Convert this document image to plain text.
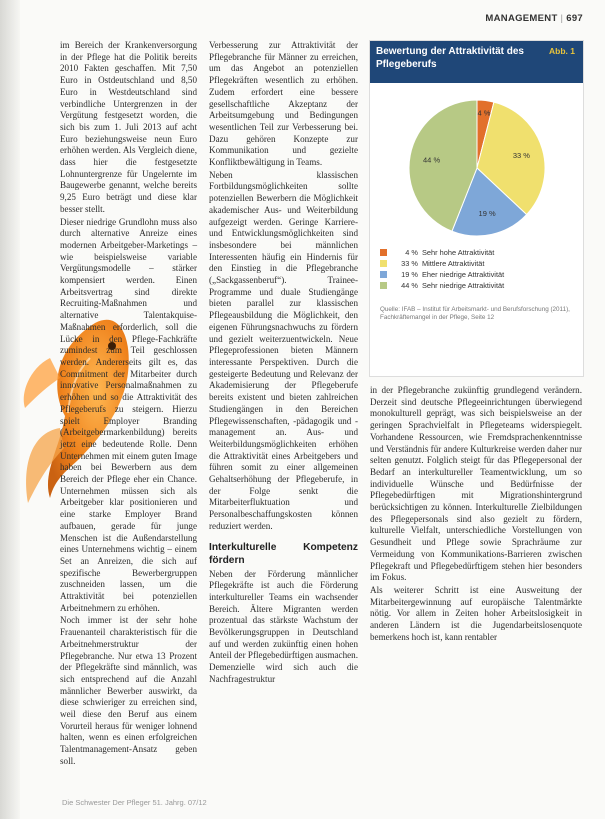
MANAGEMENT | 697

im Bereich der Krankenversorgung in der Pflege hat die Politik bereits 2010 Fakten geschaffen. Mit 7,50 Euro in Ostdeutschland und 8,50 Euro in Westdeutschland sind verbindliche Untergrenzen in der Vergütung festgesetzt worden, die sich bis zum 1. Juli 2013 auf acht Euro beziehungsweise neun Euro erhöhen werden. Als Vergleich diene, dass hier die festgesetzte Lohnuntergrenze für Ungelernte im Baugewerbe genannt, welche bereits 9,25 Euro beträgt und diese klar besser stellt.

Dieser niedrige Grundlohn muss also durch alternative Anreize eines modernen Arbeitgeber-Marketings – wie beispielsweise variable Vergütungsmodelle – stärker kompensiert werden. Einen Arbeitsvertrag sind direkte Recruiting-Maßnahmen und alternative Talentakquise-Maßnahmen erforderlich, soll die Lücke in den Pflege-Fachkräfte zumindest zum Teil geschlossen werden. Andererseits gilt es, das Commitment der Mitarbeiter durch innovative Personalmaßnahmen zu erhöhen und so die Attraktivität des Pflegeberufs zu steigern. Hierzu spielt Employer Branding (Arbeitgebermarkenbildung) bereits jetzt eine bedeutende Rolle. Denn Unternehmen mit einem guten Image haben bei Bewerbern aus dem Bereich der Pflege eher ein Chance. Unternehmen müssen sich als Arbeitgeber klar positionieren und eine starke Employer Brand aufbauen, gerade für junge Menschen ist die Außendarstellung eines Unternehmens wichtig – einem Set an Anreizen, die sich auf spezifische Bewerbergruppen zuschneiden lassen, um die Attraktivität bei potenziellen Arbeitnehmern zu erhöhen.

Noch immer ist der sehr hohe Frauenanteil charakteristisch für die Arbeitnehmerstruktur der Pflegebranche. Nur etwa 13 Prozent der Pflegekräfte sind männlich, was sich entsprechend auf die Anzahl männlicher Bewerber auswirkt, da diese schwieriger zu erreichen sind, weil diese den Beruf aus einem Vorurteil heraus für weniger lohnend halten, wenn es einen erfolgreichen Talentmanagement-Ansatz geben soll.

Verbesserung zur Attraktivität der Pflegebranche für Männer zu erreichen, um das Angebot an potenziellen Pflegekräften wesentlich zu erhöhen. Zudem erfordert eine bessere gesellschaftliche Akzeptanz der Arbeitsumgebung und Bedingungen wesentlichen Teil zur Verbesserung bei. Dazu gehören Konzepte zur Kommunikation und gezielte Konfliktbewältigung in Teams.

Neben klassischen Fortbildungsmöglichkeiten sollte potenziellen Bewerbern die Möglichkeit akademischer Aus- und Weiterbildung aufgezeigt werden. Geringe Karriere- und Entwicklungsmöglichkeiten sind insbesondere bei männlichen Interessenten häufig ein Hindernis für den Einstieg in die Pflegebranche („Sackgassenberuf“). Trainee-Programme und duale Studiengänge bieten parallel zur klassischen Pflegeausbildung die Möglichkeit, den eigenen Führungsnachwuchs zu fördern und gezielt weiterzuentwickeln. Neue Pflegeprofessionen bieten Männern interessante Perspektiven. Durch die gesteigerte Bedeutung und Relevanz der Akademisierung der Pflegeberufe bereits existent und bieten zahlreichen Studiengängen in den Bereichen Pflegewissenschaften, -pädagogik und -management an. Aus- und Weiterbildungsmöglichkeiten erhöhen die Attraktivität eines Arbeitgebers und führen somit zu einer allgemeinen Gehaltserhöhung der Pflegeberufe, in der Folge senkt die Mitarbeiterfluktuation und Personalbeschaffungskosten können reduziert werden.

Interkulturelle Kompetenz fördern

Neben der Förderung männlicher Pflegekräfte ist auch die Förderung interkultureller Teams ein wachsender Bereich. Ältere Migranten werden prozentual das stärkste Wachstum der Bevölkerungsgruppen in Deutschland auf und werden zukünftig einen hohen Anteil der Pflegebedürftigen ausmachen. Demenzielle wird sich auch die Nachfragestruktur

Bewertung der Attraktivität des Pflegeberufs
Abb. 1
4 %
33 %
19 %
44 %
4 % Sehr hohe Attraktivität
33 % Mittlere Attraktivität
19 % Eher niedrige Attraktivität
44 % Sehr niedrige Attraktivität
Quelle: IFAB – Institut für Arbeitsmarkt- und Berufsforschung (2011), Fachkräftemangel in der Pflege, Seite 12

in der Pflegebranche zukünftig grundlegend verändern. Derzeit sind deutsche Pflegeeinrichtungen überwiegend monokulturell geprägt, was sich beispielsweise an der geringen Sprachvielfalt in Pflegeteams widerspiegelt. Vorhandene Ressourcen, wie Fremdsprachenkenntnisse und Verständnis für andere Kulturkreise werden daher nur selten genutzt. Folglich steigt für das Pflegepersonal der Bedarf an interkultureller Teamentwicklung, um so individuelle Wünsche und Bedürfnisse der Pflegebedürftigen mit Migrationshintergrund berücksichtigen zu können. Interkulturelle Zielbildungen des Pflegepersonals sind also gezielt zu fördern, kulturelle Vielfalt, unterschiedliche Vorstellungen von Gesundheit und Pflege sowie Sprachräume zur Vermeidung von Kommunikations-Barrieren zwischen Pflegekraft und Pflegebedürftigem stehen hier besonders im Fokus.

Als weiterer Schritt ist eine Ausweitung der Mitarbeitergewinnung auf europäische Talentmärkte nötig. Vor allem in Zeiten hoher Arbeitslosigkeit in anderen Ländern ist die Jugendarbeitslosenquote bemerkens hoch ist, kann rentabler

Die Schwester Der Pfleger 51. Jahrg. 07/12
